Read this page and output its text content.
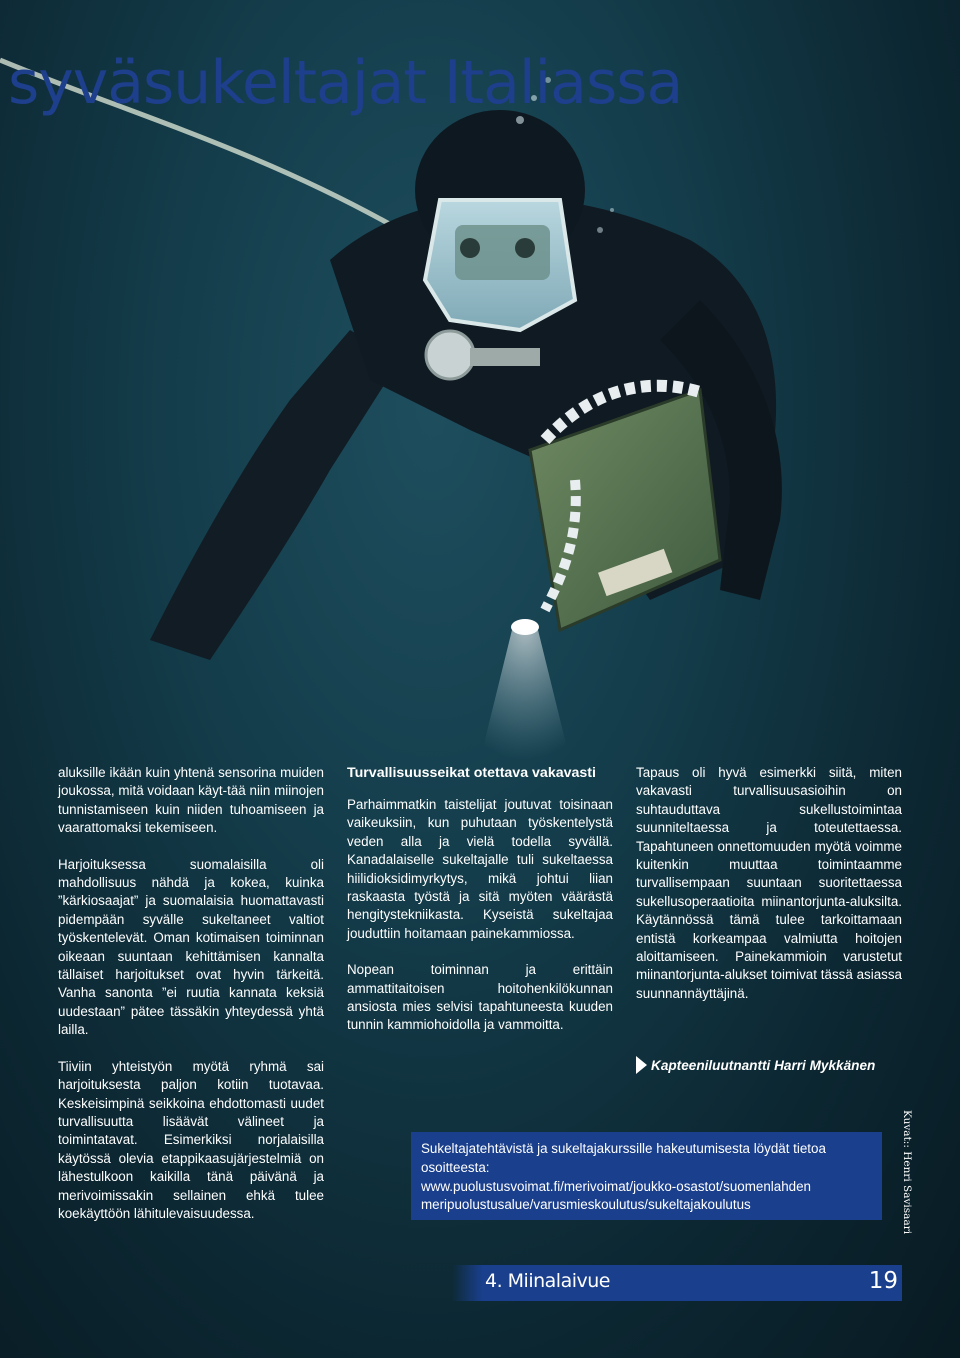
syväsukeltajat Italiassa

aluksille ikään kuin yhtenä sensorina muiden joukossa, mitä voidaan käyt-tää niin miinojen tunnistamiseen kuin niiden tuhoamiseen ja vaarattomaksi tekemiseen.

Harjoituksessa suomalaisilla oli mahdollisuus nähdä ja kokea, kuinka ”kärkiosaajat” ja suomalaisia huomattavasti pidempään syvälle sukeltaneet valtiot työskentelevät. Oman kotimaisen toiminnan oikeaan suuntaan kehittämisen kannalta tällaiset harjoitukset ovat hyvin tärkeitä. Vanha sanonta ”ei ruutia kannata keksiä uudestaan” pätee tässäkin yhteydessä yhtä lailla.

Tiiviin yhteistyön myötä ryhmä sai harjoituksesta paljon kotiin tuotavaa. Keskeisimpinä seikkoina ehdottomasti uudet turvallisuutta lisäävät välineet ja toimintatavat. Esimerkiksi norjalaisilla käytössä olevia etappikaasujärjestelmiä on lähestulkoon kaikilla tänä päivänä ja merivoimissakin sellainen ehkä tulee koekäyttöön lähitulevaisuudessa.

Turvallisuusseikat otettava vakavasti

Parhaimmatkin taistelijat joutuvat toisinaan vaikeuksiin, kun puhutaan työskentelystä veden alla ja vielä todella syvällä. Kanadalaiselle sukeltajalle tuli sukeltaessa hiilidioksidimyrkytys, mikä johtui liian raskaasta työstä ja sitä myöten väärästä hengitystekniikasta. Kyseistä sukeltajaa jouduttiin hoitamaan painekammiossa.

Nopean toiminnan ja erittäin ammattitaitoisen hoitohenkilökunnan ansiosta mies selvisi tapahtuneesta kuuden tunnin kammiohoidolla ja vammoitta.

Tapaus oli hyvä esimerkki siitä, miten vakavasti turvallisuusasioihin on suhtauduttava sukellustoimintaa suunniteltaessa ja toteutettaessa. Tapahtuneen onnettomuuden myötä voimme kuitenkin muuttaa toimintaamme turvallisempaan suuntaan suoritettaessa sukellusoperaatioita miinantorjunta-aluksilta. Käytännössä tämä tulee tarkoittamaan entistä korkeampaa valmiutta hoitojen aloittamiseen. Painekammioin varustetut miinantorjunta-alukset toimivat tässä asiassa suunnannäyttäjinä.

Kapteeniluutnantti Harri Mykkänen
Sukeltajatehtävistä ja sukeltajakurssille hakeutumisesta löydät tietoa osoitteesta:
www.puolustusvoimat.fi/merivoimat/joukko-osastot/suomenlahden
meripuolustusalue/varusmieskoulutus/sukeltajakoulutus	Kuvat:: Henri Savisaari
4. Miinalaivue	19
